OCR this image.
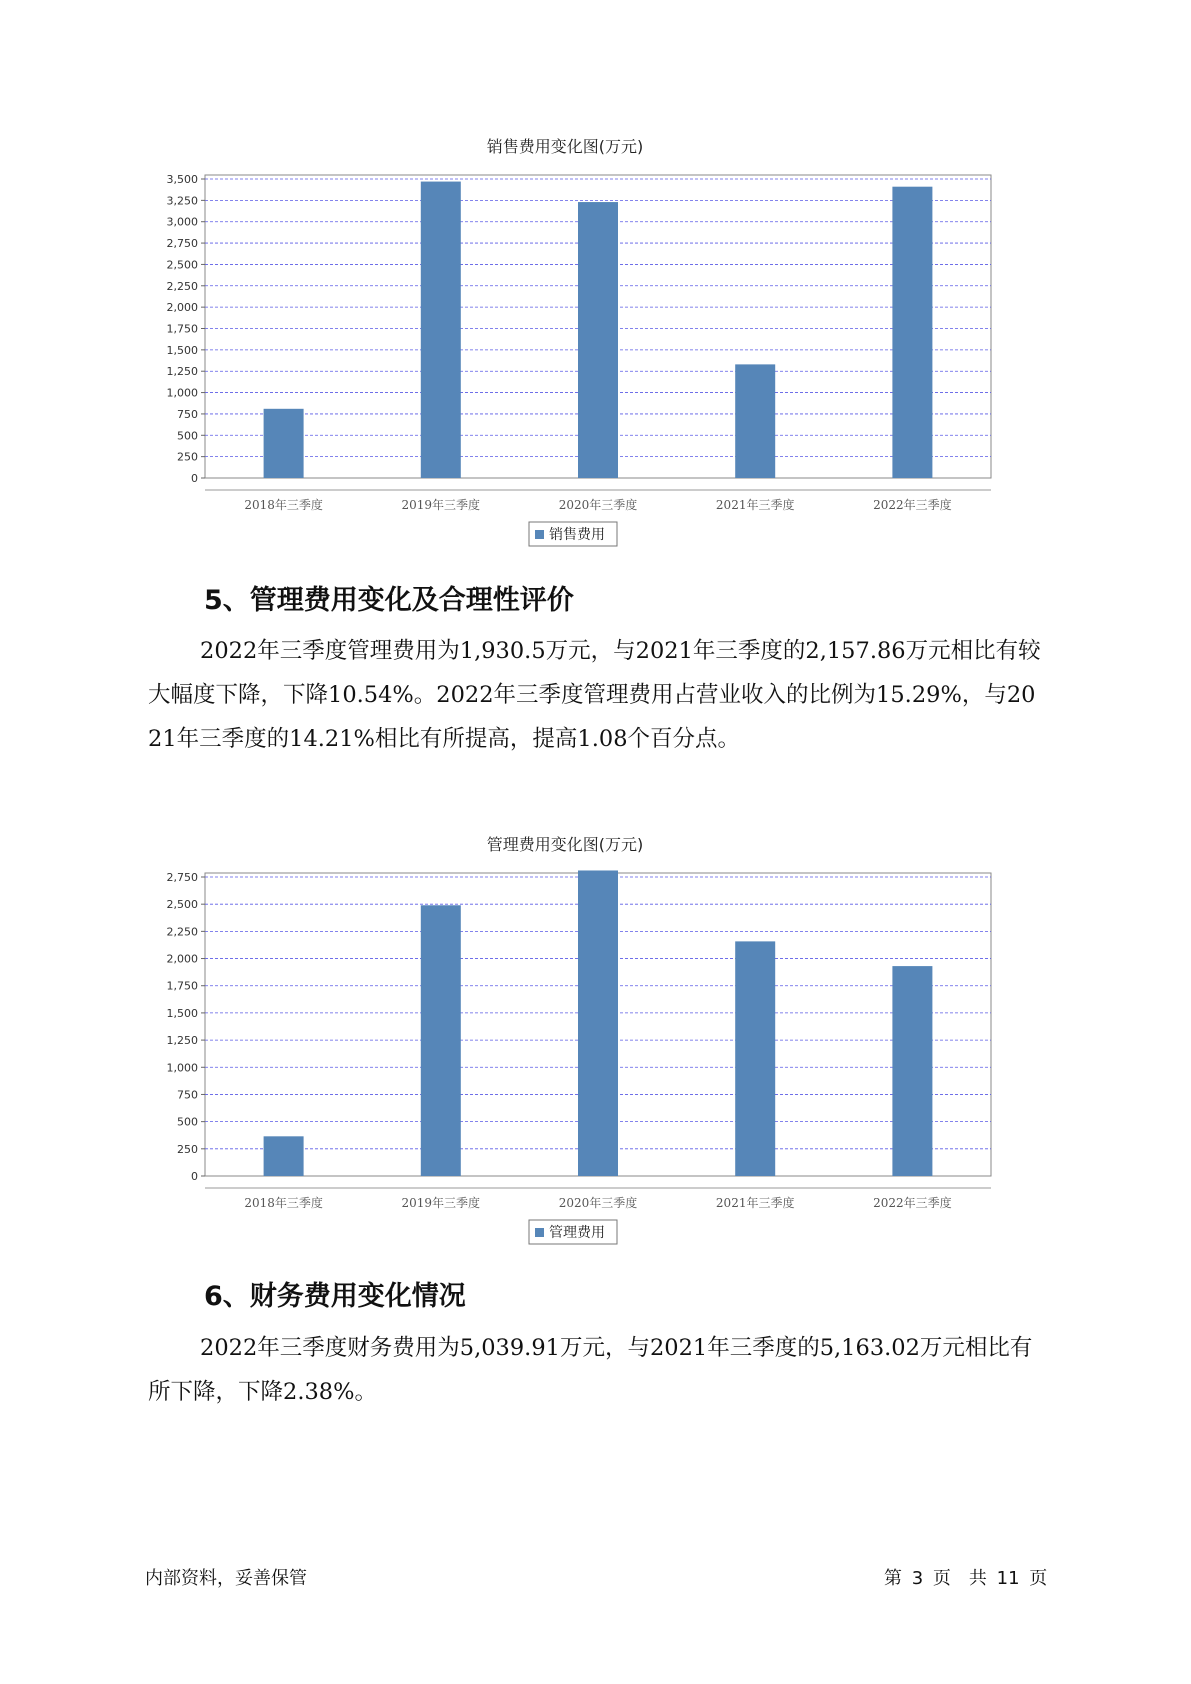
销售费用变化图(万元)
0
250
500
750
1,000
1,250
1,500
1,750
2,000
2,250
2,500
2,750
3,000
3,250
3,500
2018年三季度	2019年三季度	2020年三季度	2021年三季度	2022年三季度
销售费用
5、管理费用变化及合理性评价

2022年三季度管理费用为1,930.5万元，与2021年三季度的2,157.86万元相比有较大幅度下降，下降10.54%。2022年三季度管理费用占营业收入的比例为15.29%，与2021年三季度的14.21%相比有所提高，提高1.08个百分点。

管理费用变化图(万元)
0
250
500
750
1,000
1,250
1,500
1,750
2,000
2,250
2,500
2,750
2018年三季度	2019年三季度	2020年三季度	2021年三季度	2022年三季度
管理费用
6、财务费用变化情况

2022年三季度财务费用为5,039.91万元，与2021年三季度的5,163.02万元相比有所下降，下降2.38%。

内部资料，妥善保管	第 3 页　共 11 页
